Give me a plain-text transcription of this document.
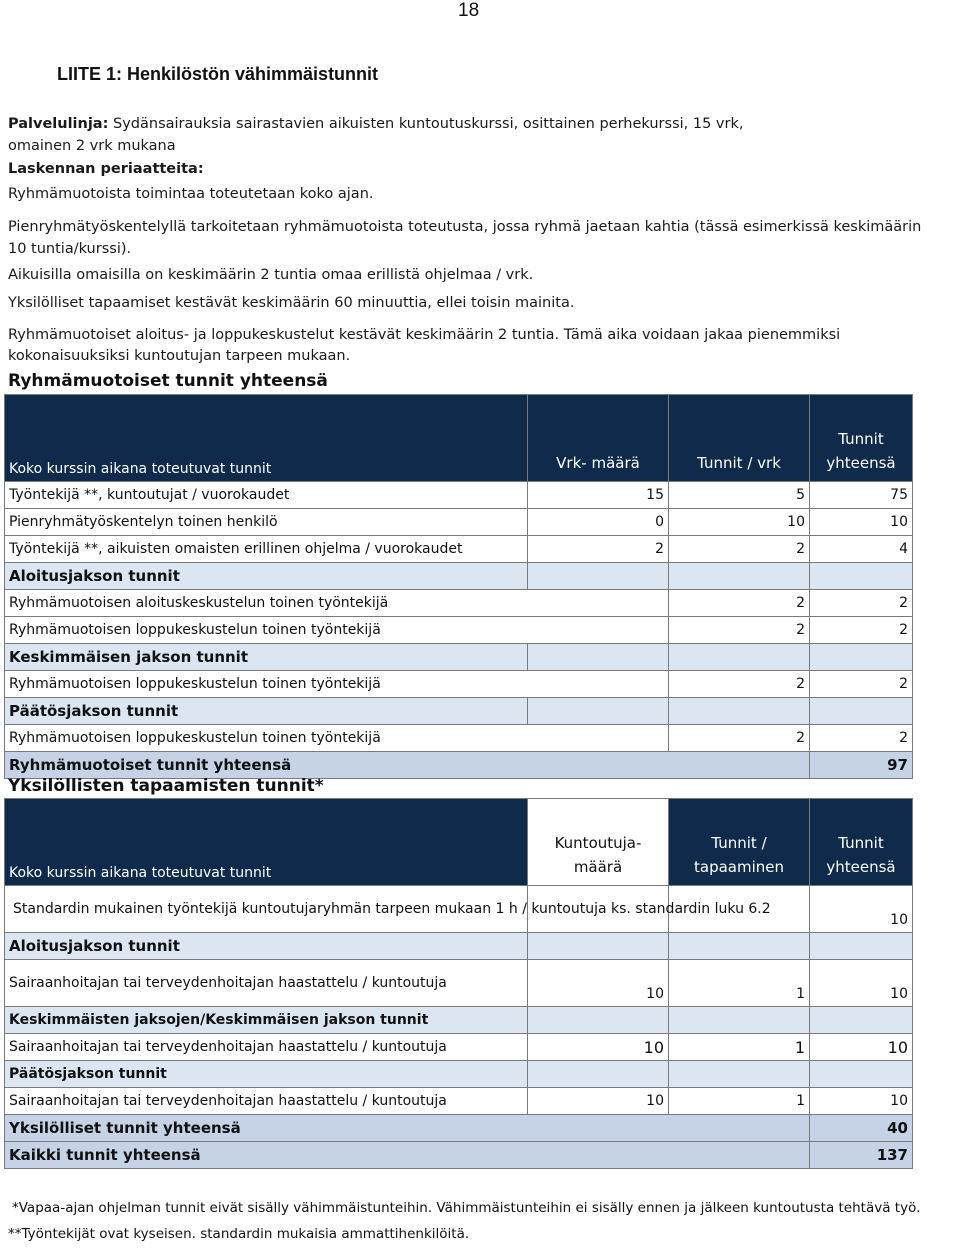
18
LIITE 1: Henkilöstön vähimmäistunnit
Palvelulinja: Sydänsairauksia sairastavien aikuisten kuntoutuskurssi, osittainen perhekurssi, 15 vrk,
omainen 2 vrk mukana
Laskennan periaatteita:
Ryhmämuotoista toimintaa toteutetaan koko ajan.
Pienryhmätyöskentelyllä tarkoitetaan ryhmämuotoista toteutusta, jossa ryhmä jaetaan kahtia (tässä esimerkissä keskimäärin
10 tuntia/kurssi).
Aikuisilla omaisilla on keskimäärin 2 tuntia omaa erillistä ohjelmaa / vrk.
Yksilölliset tapaamiset kestävät keskimäärin 60 minuuttia, ellei toisin mainita.
Ryhmämuotoiset aloitus- ja loppukeskustelut kestävät keskimäärin 2 tuntia. Tämä aika voidaan jakaa pienemmiksi
kokonaisuuksiksi kuntoutujan tarpeen mukaan.
Ryhmämuotoiset tunnit yhteensä
Koko kurssin aikana toteutuvat tunnit	Vrk- määrä	Tunnit / vrk	Tunnit yhteensä
Työntekijä **, kuntoutujat / vuorokaudet	15	5	75
Pienryhmätyöskentelyn toinen henkilö	0	10	10
Työntekijä **, aikuisten omaisten erillinen ohjelma / vuorokaudet	2	2	4
Aloitusjakson tunnit			
Ryhmämuotoisen aloituskeskustelun toinen työntekijä		2	2
Ryhmämuotoisen loppukeskustelun toinen työntekijä		2	2
Keskimmäisen jakson tunnit			
Ryhmämuotoisen loppukeskustelun toinen työntekijä		2	2
Päätösjakson tunnit			
Ryhmämuotoisen loppukeskustelun toinen työntekijä		2	2
Ryhmämuotoiset tunnit yhteensä			97
Yksilöllisten tapaamisten tunnit*
Koko kurssin aikana toteutuvat tunnit	Kuntoutuja- määrä	Tunnit / tapaaminen	Tunnit yhteensä
Standardin mukainen työntekijä kuntoutujaryhmän tarpeen mukaan 1 h / kuntoutuja ks. standardin luku 6.2			10
Aloitusjakson tunnit			
Sairaanhoitajan tai terveydenhoitajan haastattelu / kuntoutuja	10	1	10
Keskimmäisten jaksojen/Keskimmäisen jakson tunnit			
Sairaanhoitajan tai terveydenhoitajan haastattelu / kuntoutuja	10	1	10
Päätösjakson tunnit			
Sairaanhoitajan tai terveydenhoitajan haastattelu / kuntoutuja	10	1	10
Yksilölliset tunnit yhteensä			40
Kaikki tunnit yhteensä			137
*Vapaa-ajan ohjelman tunnit eivät sisälly vähimmäistunteihin. Vähimmäistunteihin ei sisälly ennen ja jälkeen kuntoutusta tehtävä työ.
**Työntekijät ovat kyseisen. standardin mukaisia ammattihenkilöitä.
